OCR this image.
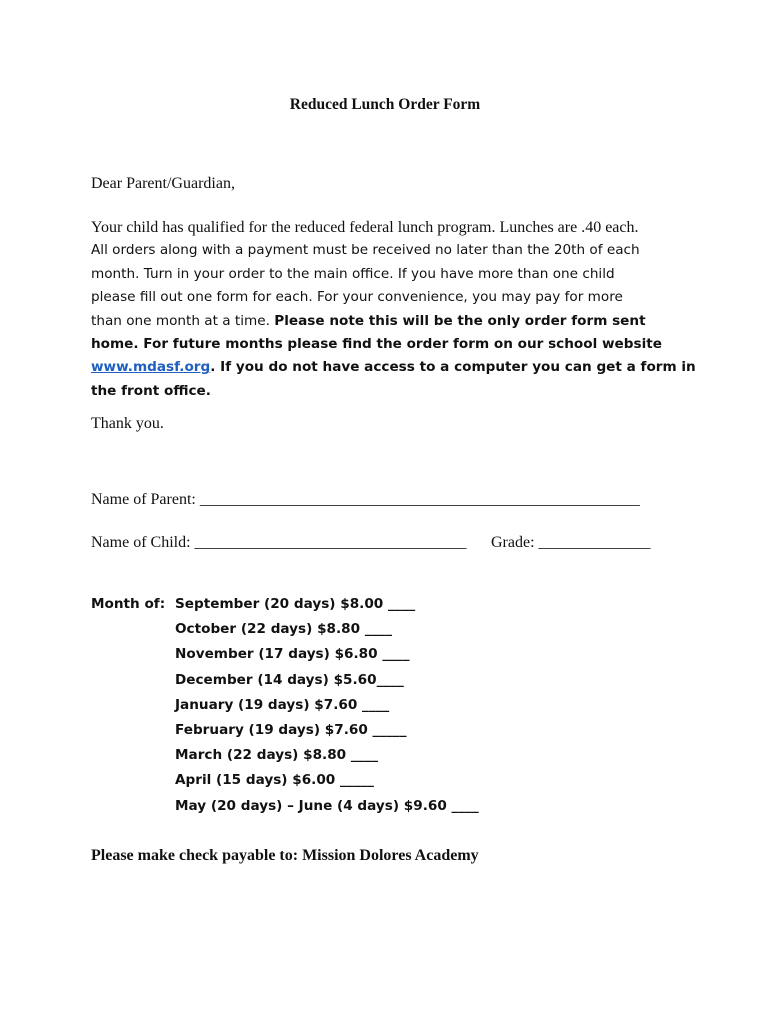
Reduced Lunch Order Form
Dear Parent/Guardian,
Your child has qualified for the reduced federal lunch program. Lunches are .40 each.
All orders along with a payment must be received no later than the 20th of each
month. Turn in your order to the main office. If you have more than one child
please fill out one form for each. For your convenience, you may pay for more
than one month at a time. Please note this will be the only order form sent
home. For future months please find the order form on our school website
www.mdasf.org. If you do not have access to a computer you can get a form in
the front office.
Thank you.
Name of Parent: _______________________________________________________
Name of Child: __________________________________ Grade: ______________
Month of: September (20 days) $8.00 ____
October (22 days) $8.80 ____
November (17 days) $6.80 ____
December (14 days) $5.60____
January (19 days) $7.60 ____
February (19 days) $7.60 _____
March (22 days) $8.80 ____
April (15 days) $6.00 _____
May (20 days) – June (4 days) $9.60 ____
Please make check payable to: Mission Dolores Academy
